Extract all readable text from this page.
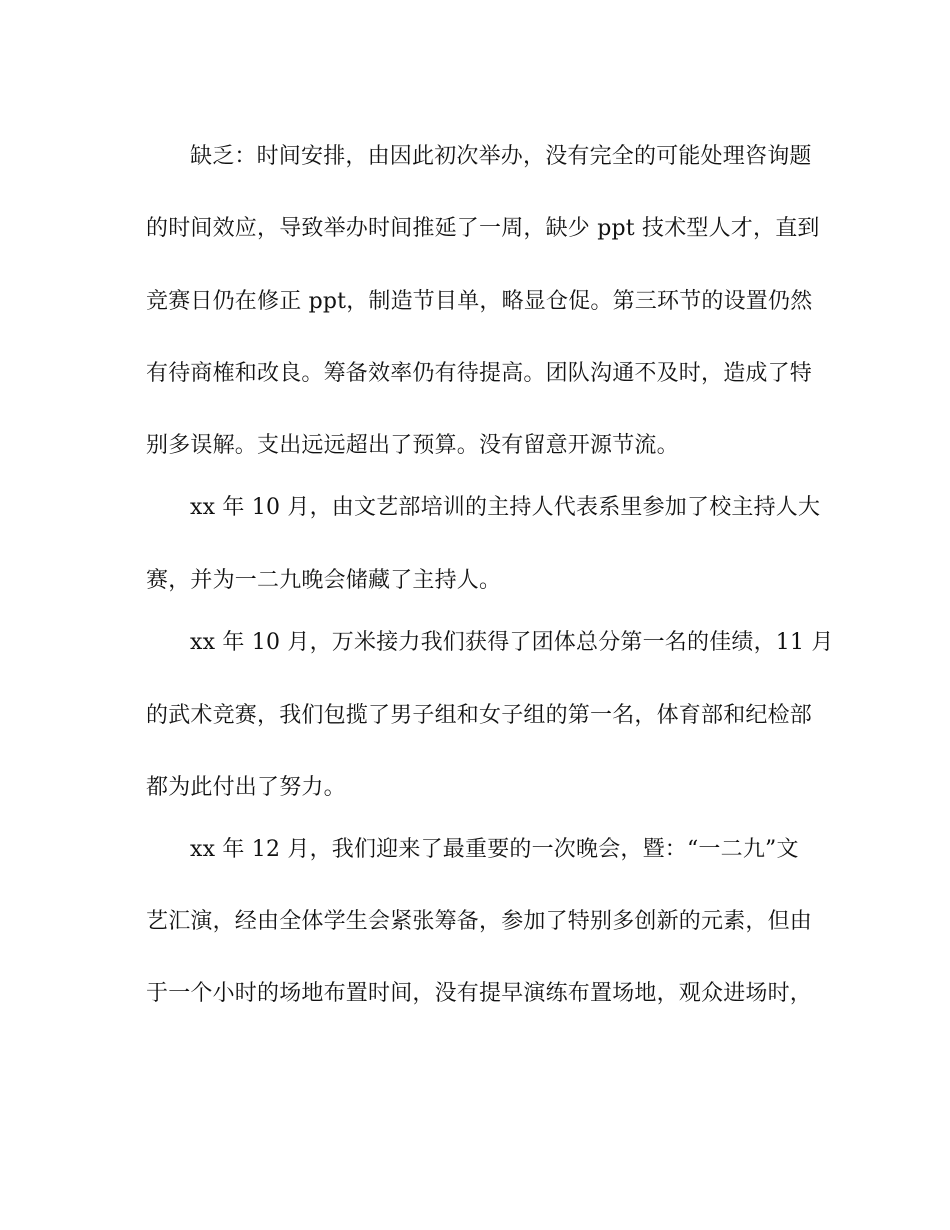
缺乏：时间安排，由因此初次举办，没有完全的可能处理咨询题

的时间效应，导致举办时间推延了一周，缺少 ppt 技术型人才，直到

竞赛日仍在修正 ppt，制造节目单，略显仓促。第三环节的设置仍然

有待商榷和改良。筹备效率仍有待提高。团队沟通不及时，造成了特

别多误解。支出远远超出了预算。没有留意开源节流。

xx 年 10 月，由文艺部培训的主持人代表系里参加了校主持人大

赛，并为一二九晚会储藏了主持人。

xx 年 10 月，万米接力我们获得了团体总分第一名的佳绩，11 月

的武术竞赛，我们包揽了男子组和女子组的第一名，体育部和纪检部

都为此付出了努力。

xx 年 12 月，我们迎来了最重要的一次晚会，暨：“一二九”文

艺汇演，经由全体学生会紧张筹备，参加了特别多创新的元素，但由

于一个小时的场地布置时间，没有提早演练布置场地，观众进场时，
